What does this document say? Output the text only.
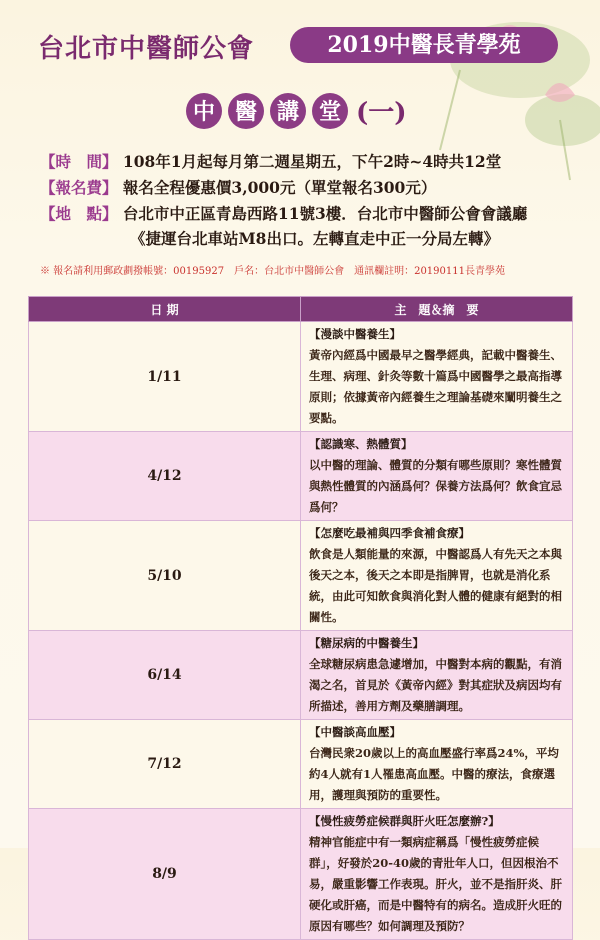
台北市中醫師公會	2019中醫長青學苑
中 醫 講 堂 (一)
【時　間】 108年1月起每月第二週星期五，下午2時~4時共12堂
【報名費】 報名全程優惠價3,000元（單堂報名300元）
【地　點】 台北市中正區青島西路11號3樓．台北市中醫師公會會議廳
《捷運台北車站M8出口。左轉直走中正一分局左轉》
※ 報名請利用郵政劃撥帳號：00195927　戶名：台北市中醫師公會　通訊欄註明：20190111長青學苑
日 期	主　題＆摘　要
1/11	【漫談中醫養生】
黃帝內經爲中國最早之醫學經典，記載中醫養生、生理、病理、針灸等數十篇爲中國醫學之最高指導原則；依據黃帝內經養生之理論基礎來闡明養生之要點。

4/12	【認識寒、熱體質】
以中醫的理論、體質的分類有哪些原則？寒性體質與熱性體質的內涵爲何？保養方法爲何？飲食宜忌爲何？

5/10	【怎麼吃最補與四季食補食療】
飲食是人類能量的來源，中醫認爲人有先天之本與後天之本，後天之本即是指脾胃，也就是消化系統，由此可知飲食與消化對人體的健康有絕對的相關性。

6/14	【糖尿病的中醫養生】
全球糖尿病患急遽增加，中醫對本病的觀點，有消渴之名，首見於《黃帝內經》對其症狀及病因均有所描述，善用方劑及藥膳調理。

7/12	【中醫談高血壓】
台灣民衆20歲以上的高血壓盛行率爲24%，平均約4人就有1人罹患高血壓。中醫的療法，食療選用，護理與預防的重要性。

8/9	【慢性疲勞症候群與肝火旺怎麼辦?】
精神官能症中有一類病症稱爲「慢性疲勞症候群」，好發於20-40歲的青壯年人口，但因根治不易，嚴重影響工作表現。肝火，並不是指肝炎、肝硬化或肝癌，而是中醫特有的病名。造成肝火旺的原因有哪些？如何調理及預防？
